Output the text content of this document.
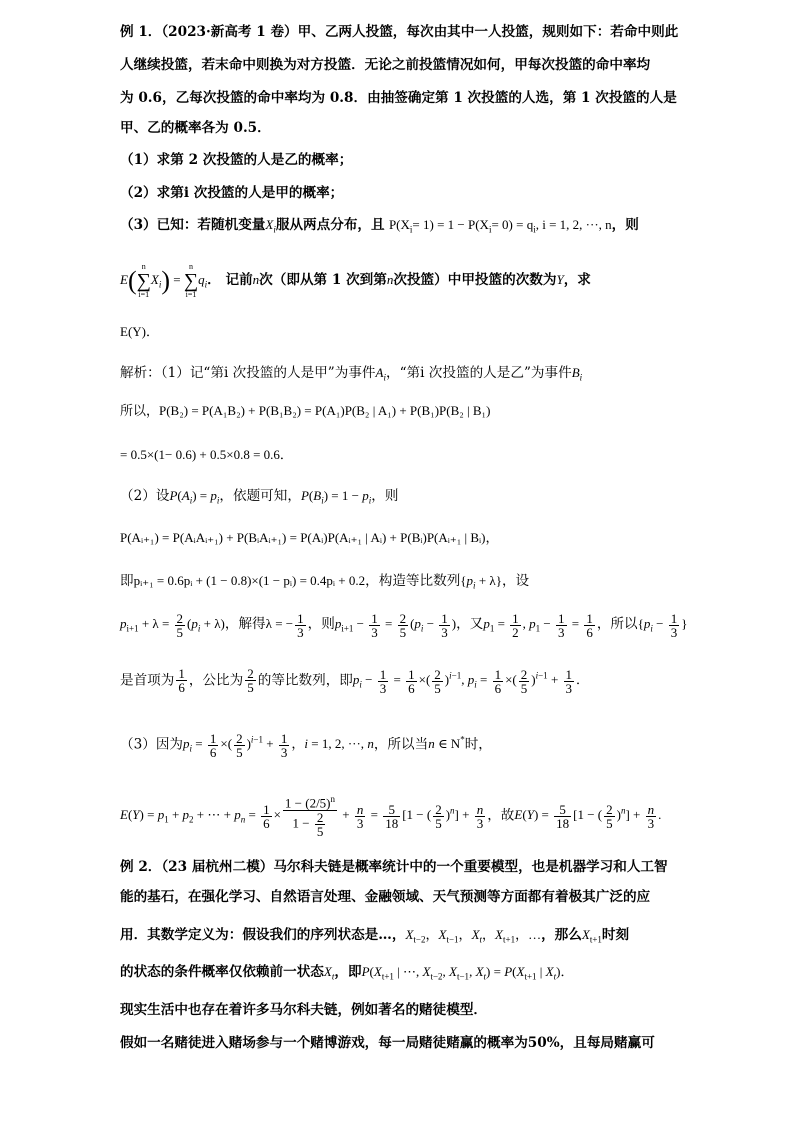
例 1．（2023·新高考 1 卷）甲、乙两人投篮，每次由其中一人投篮，规则如下：若命中则此
人继续投篮，若末命中则换为对方投篮．无论之前投篮情况如何，甲每次投篮的命中率均
为 0.6，乙每次投篮的命中率均为 0.8．由抽签确定第 1 次投篮的人选，第 1 次投篮的人是
甲、乙的概率各为 0.5．
（1）求第 2 次投篮的人是乙的概率；
（2）求第i 次投篮的人是甲的概率；
（3）已知：若随机变量$X_i$服从两点分布，且 $P(X_i= 1) = 1 - P(X_i= 0) = q_i$, i = 1, 2, ···, n，则
E( n
∑
i=1
$X_i$) =
n
∑
i=1
$q_i$． 记前n次（即从第 1 次到第n次投篮）中甲投篮的次数为Y，求
E(Y)．
解析：（1）记“第i 次投篮的人是甲”为事件$A_i$，“第i 次投篮的人是乙”为事件$B_i$
所以，P(B₂) = P(A₁B₂) + P(B₁B₂) = P(A₁)P(B₂ | A₁) + P(B₁)P(B₂ | B₁)
= 0.5×(1− 0.6) + 0.5×0.8 = 0.6．
（2）设$P(A_i) = p_i$，依题可知，$P(B_i) = 1 - p_i$，则
P(Aᵢ₊₁) = P(AᵢAᵢ₊₁) + P(BᵢAᵢ₊₁) = P(Aᵢ)P(Aᵢ₊₁ | Aᵢ) + P(Bᵢ)P(Aᵢ₊₁ | Bᵢ)，
即pᵢ₊₁ = 0.6pᵢ + (1 − 0.8)×(1 − pᵢ) = 0.4pᵢ + 0.2，构造等比数列$\{p_i + \lambda\}$，设
$p_{i+1} + \lambda = \frac{2}{5} (p_i + \lambda)$，解得λ = − $\frac{1}{3}$ ，则$p_{i+1} - \frac{1}{3} = \frac{2}{5} (p_i - \frac{1}{3}$ )，又$p_1 = \frac{1}{2}$ , $p_1 - \frac{1}{3} = \frac{1}{6}$ ，所以{$p_i - \frac{1}{3}$ }
是首项为 $\frac{1}{6}$ ，公比为 $\frac{2}{5}$ 的等比数列，即$p_i - \frac{1}{3} = \frac{1}{6}$ ×( $\frac{2}{5} )^{i-1}$, $p_i = \frac{1}{6}$ ×( $\frac{2}{5} )^{i-1} + \frac{1}{3}$ ．
（3）因为$p_i = \frac{1}{6}$ ×( $\frac{2}{5} )^{i-1} + \frac{1}{3}$ ，i = 1, 2, ···, n，所以当n ∈ N*时，
$E(Y) = p_1 + p_2$ + ⋯ + $p_n = \frac{1}{6} \times \frac{1 - (2/5)^n}{1 - \frac{2}{5}} + \frac{n}{3} = \frac{5}{18} [1$ − ( $\frac{2}{5} )^n] + \frac{n}{3}$ ，故$E(Y) = \frac{5}{18} [1$ − ( $\frac{2}{5} )^n] + \frac{n}{3}$ .
例 2．（23 届杭州二模）马尔科夫链是概率统计中的一个重要模型，也是机器学习和人工智
能的基石，在强化学习、自然语言处理、金融领域、天气预测等方面都有着极其广泛的应
用．其数学定义为：假设我们的序列状态是…，$X_{t-2}$，$X_{t-1}$，$X_t$，$X_{t+1}$，…，那么$X_{t+1}$时刻
的状态的条件概率仅依赖前一状态$X_t$，即$P(X_{t+1}$ | ⋯, $X_{t-2}$, $X_{t-1}$, $X_t) = P(X_{t+1}$ | $X_t$)．
现实生活中也存在着许多马尔科夫链，例如著名的赌徒模型．
假如一名赌徒进入赌场参与一个赌博游戏，每一局赌徒赌赢的概率为50%，且每局赌赢可
